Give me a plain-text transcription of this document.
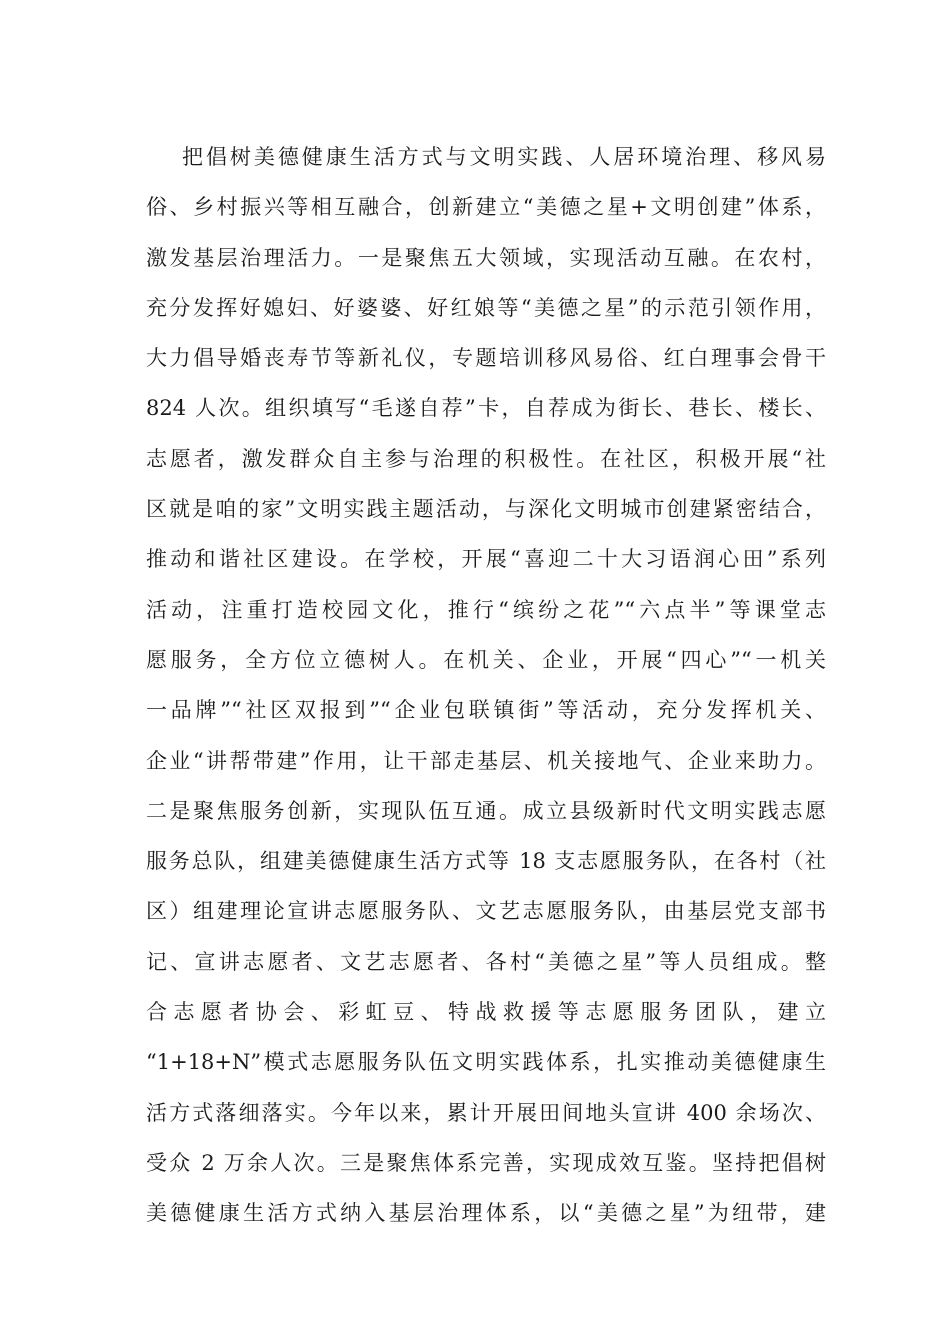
把倡树美德健康生活方式与文明实践、人居环境治理、移风易
俗、乡村振兴等相互融合，创新建立“美德之星+文明创建”体系，
激发基层治理活力。一是聚焦五大领域，实现活动互融。在农村，
充分发挥好媳妇、好婆婆、好红娘等“美德之星”的示范引领作用，
大力倡导婚丧寿节等新礼仪，专题培训移风易俗、红白理事会骨干
824 人次。组织填写“毛遂自荐”卡，自荐成为街长、巷长、楼长、
志愿者，激发群众自主参与治理的积极性。在社区，积极开展“社
区就是咱的家”文明实践主题活动，与深化文明城市创建紧密结合，
推动和谐社区建设。在学校，开展“喜迎二十大习语润心田”系列
活动，注重打造校园文化，推行“缤纷之花”“六点半”等课堂志
愿服务，全方位立德树人。在机关、企业，开展“四心”“一机关
一品牌”“社区双报到”“企业包联镇街”等活动，充分发挥机关、
企业“讲帮带建”作用，让干部走基层、机关接地气、企业来助力。
二是聚焦服务创新，实现队伍互通。成立县级新时代文明实践志愿
服务总队，组建美德健康生活方式等 18 支志愿服务队，在各村（社
区）组建理论宣讲志愿服务队、文艺志愿服务队，由基层党支部书
记、宣讲志愿者、文艺志愿者、各村“美德之星”等人员组成。整
合志愿者协会、彩虹豆、特战救援等志愿服务团队，建立
“1+18+N”模式志愿服务队伍文明实践体系，扎实推动美德健康生
活方式落细落实。今年以来，累计开展田间地头宣讲 400 余场次、
受众 2 万余人次。三是聚焦体系完善，实现成效互鉴。坚持把倡树
美德健康生活方式纳入基层治理体系，以“美德之星”为纽带，建
